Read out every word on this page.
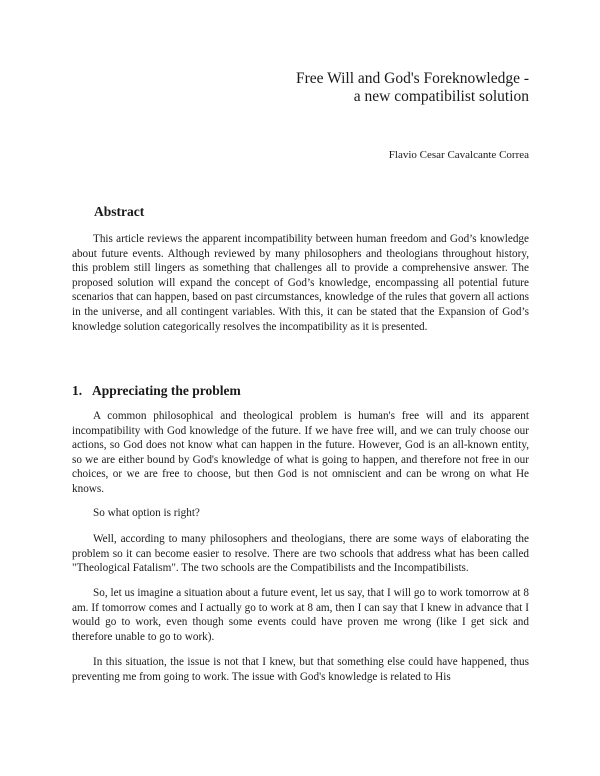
Free Will and God's Foreknowledge -
a new compatibilist solution
Flavio Cesar Cavalcante Correa
Abstract

This article reviews the apparent incompatibility between human freedom and God’s knowledge about future events. Although reviewed by many philosophers and theologians throughout history, this problem still lingers as something that challenges all to provide a comprehensive answer. The proposed solution will expand the concept of God’s knowledge, encompassing all potential future scenarios that can happen, based on past circumstances, knowledge of the rules that govern all actions in the universe, and all contingent variables. With this, it can be stated that the Expansion of God’s knowledge solution categorically resolves the incompatibility as it is presented.

1. Appreciating the problem

A common philosophical and theological problem is human's free will and its apparent incompatibility with God knowledge of the future. If we have free will, and we can truly choose our actions, so God does not know what can happen in the future. However, God is an all-known entity, so we are either bound by God's knowledge of what is going to happen, and therefore not free in our choices, or we are free to choose, but then God is not omniscient and can be wrong on what He knows.

So what option is right?

Well, according to many philosophers and theologians, there are some ways of elaborating the problem so it can become easier to resolve. There are two schools that address what has been called "Theological Fatalism". The two schools are the Compatibilists and the Incompatibilists.

So, let us imagine a situation about a future event, let us say, that I will go to work tomorrow at 8 am. If tomorrow comes and I actually go to work at 8 am, then I can say that I knew in advance that I would go to work, even though some events could have proven me wrong (like I get sick and therefore unable to go to work).

In this situation, the issue is not that I knew, but that something else could have happened, thus preventing me from going to work. The issue with God's knowledge is related to His
